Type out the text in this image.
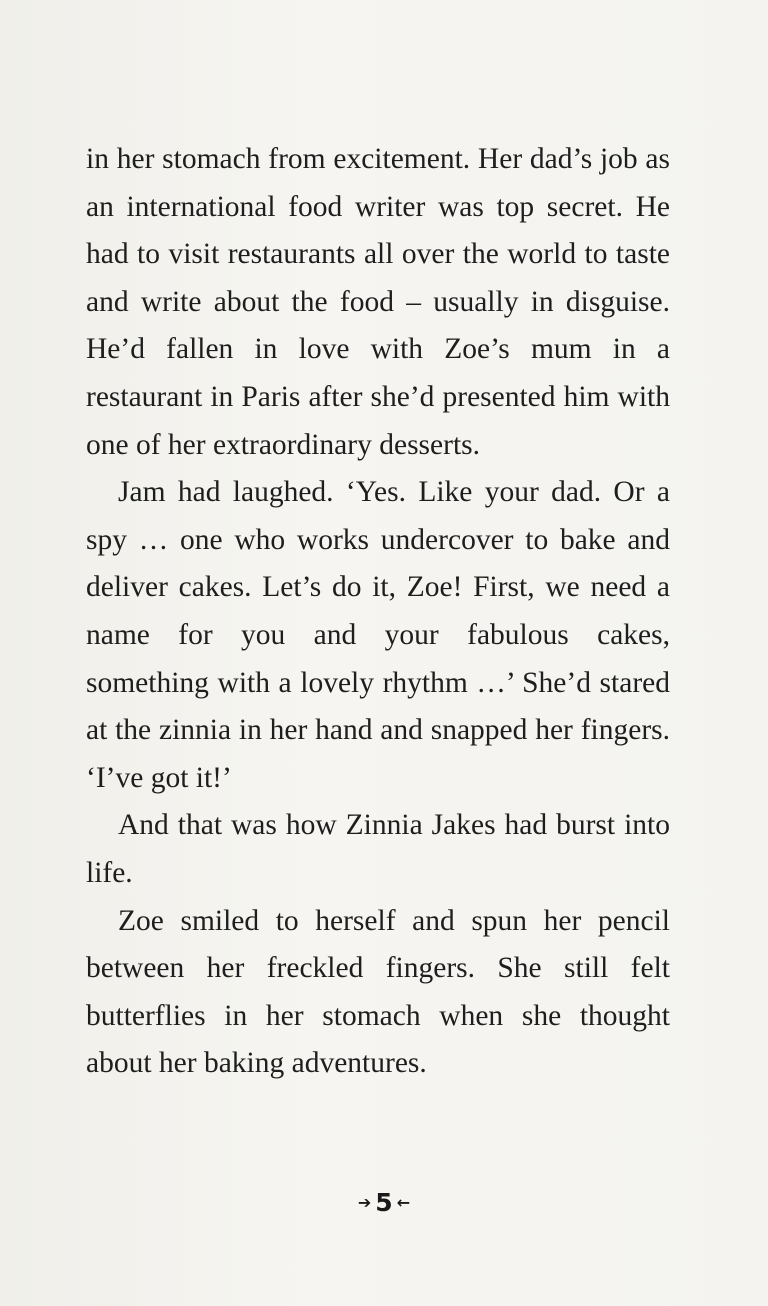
in her stomach from excitement. Her dad’s job as an international food writer was top secret. He had to visit restaurants all over the world to taste and write about the food – usually in disguise. He’d fallen in love with Zoe’s mum in a restaurant in Paris after she’d presented him with one of her extraordinary desserts.

Jam had laughed. ‘Yes. Like your dad. Or a spy … one who works undercover to bake and deliver cakes. Let’s do it, Zoe! First, we need a name for you and your fabulous cakes, something with a lovely rhythm …’ She’d stared at the zinnia in her hand and snapped her fingers. ‘I’ve got it!’

And that was how Zinnia Jakes had burst into life.

Zoe smiled to herself and spun her pencil between her freckled fingers. She still felt butterflies in her stomach when she thought about her baking adventures.

➔ 5 ←
